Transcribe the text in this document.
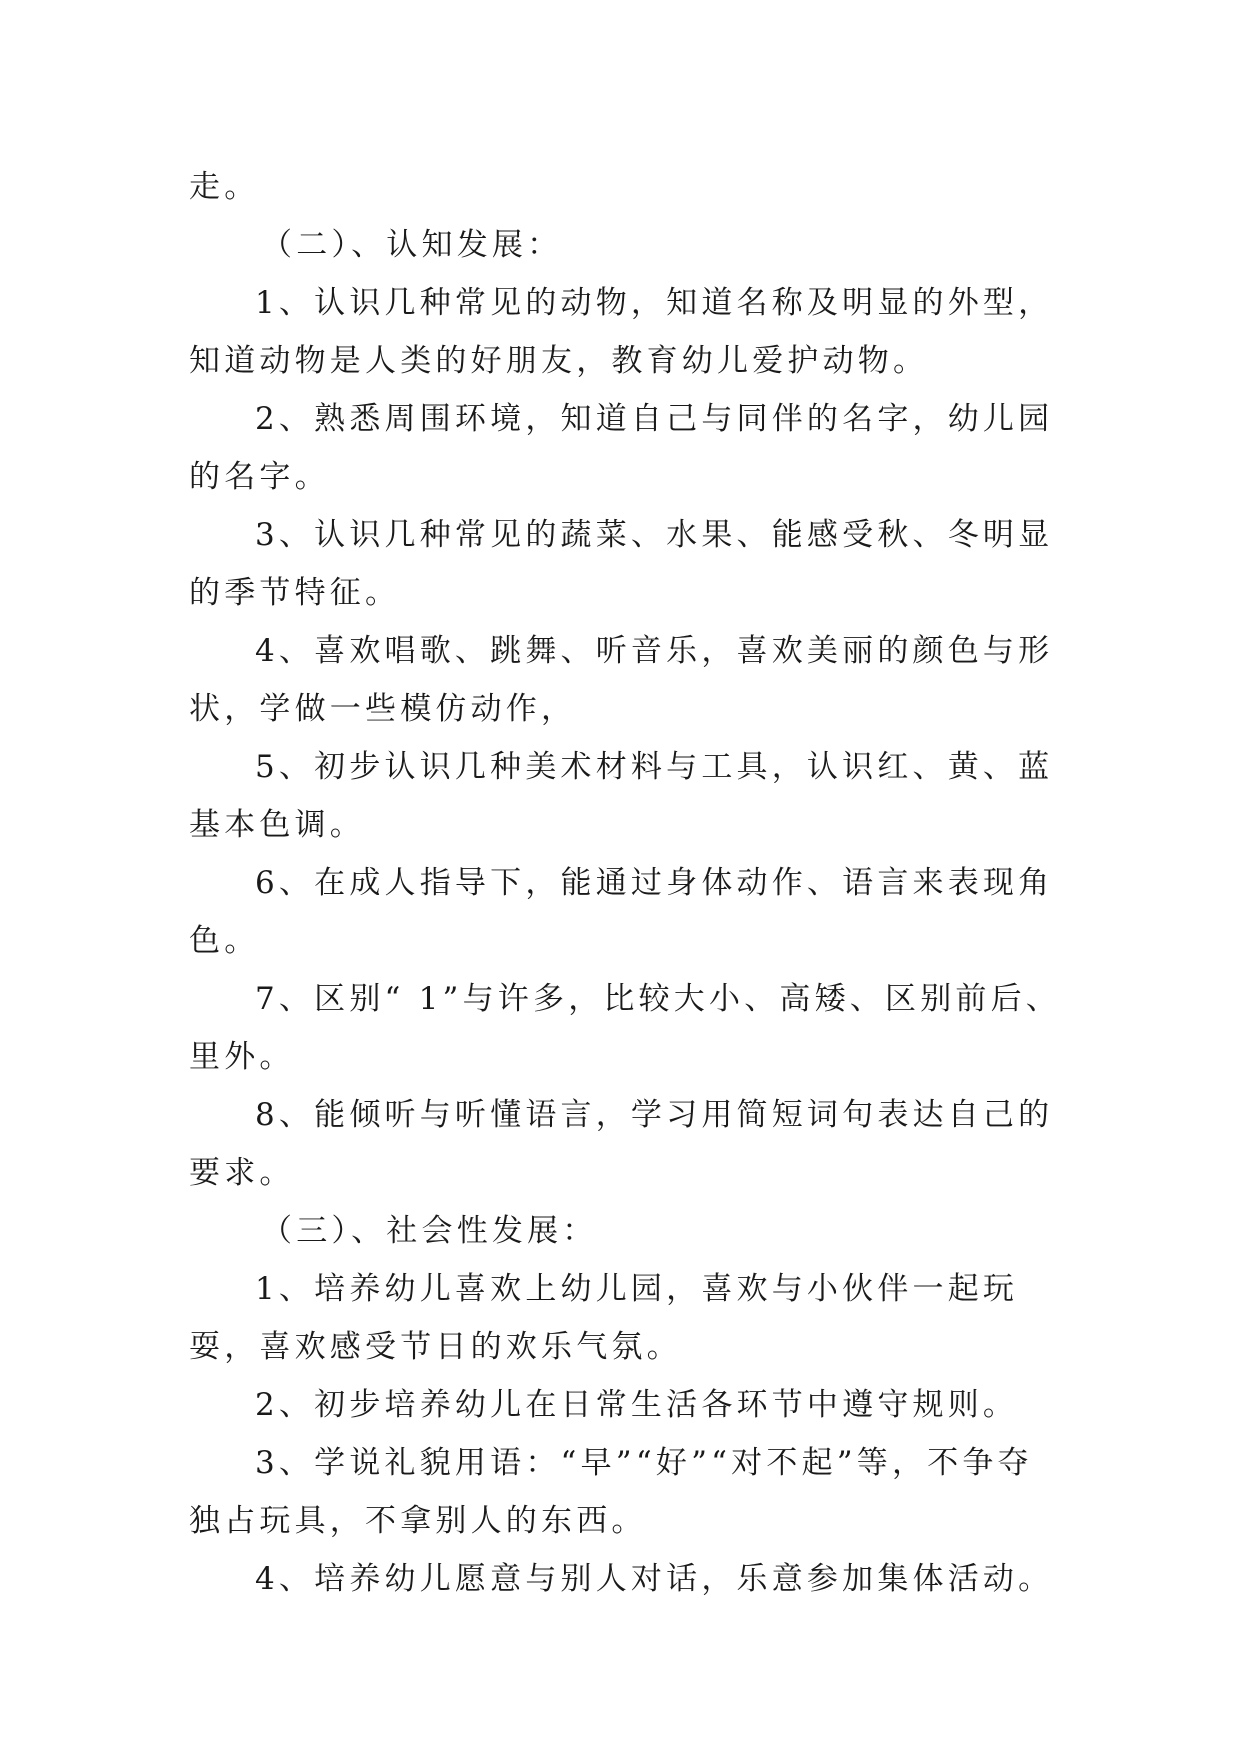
走。

（二）、认知发展：

1、认识几种常见的动物，知道名称及明显的外型，知道动物是人类的好朋友，教育幼儿爱护动物。

2、熟悉周围环境，知道自己与同伴的名字，幼儿园的名字。

3、认识几种常见的蔬菜、水果、能感受秋、冬明显的季节特征。

4、喜欢唱歌、跳舞、听音乐，喜欢美丽的颜色与形状，学做一些模仿动作，

5、初步认识几种美术材料与工具，认识红、黄、蓝基本色调。

6、在成人指导下，能通过身体动作、语言来表现角色。

7、区别“ 1”与许多，比较大小、高矮、区别前后、里外。

8、能倾听与听懂语言，学习用简短词句表达自己的要求。

（三）、社会性发展：

1、培养幼儿喜欢上幼儿园，喜欢与小伙伴一起玩耍，喜欢感受节日的欢乐气氛。

2、初步培养幼儿在日常生活各环节中遵守规则。

3、学说礼貌用语：“早”“好”“对不起”等，不争夺独占玩具，不拿别人的东西。

4、培养幼儿愿意与别人对话，乐意参加集体活动。
